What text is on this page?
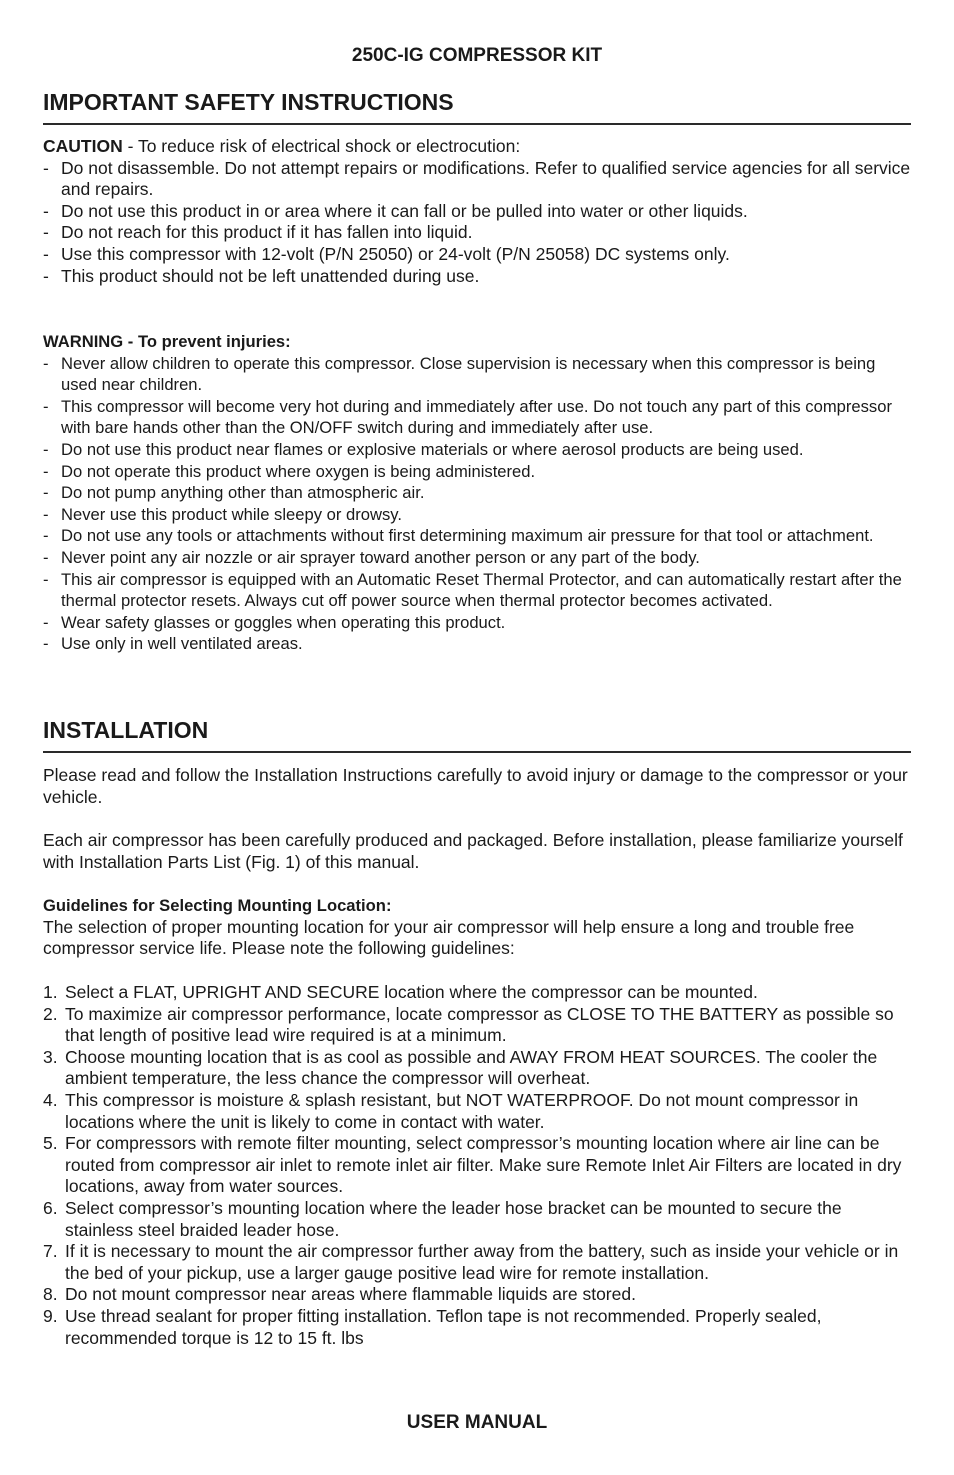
250C-IG COMPRESSOR KIT
IMPORTANT SAFETY INSTRUCTIONS

CAUTION - To reduce risk of electrical shock or electrocution:

- Do not disassemble. Do not attempt repairs or modifications. Refer to qualified service agencies for all service and repairs.
- Do not use this product in or area where it can fall or be pulled into water or other liquids.
- Do not reach for this product if it has fallen into liquid.
- Use this compressor with 12-volt (P/N 25050) or 24-volt (P/N 25058) DC systems only.
- This product should not be left unattended during use.

WARNING - To prevent injuries:

- Never allow children to operate this compressor. Close supervision is necessary when this compressor is being used near children.
- This compressor will become very hot during and immediately after use. Do not touch any part of this compressor with bare hands other than the ON/OFF switch during and immediately after use.
- Do not use this product near flames or explosive materials or where aerosol products are being used.
- Do not operate this product where oxygen is being administered.
- Do not pump anything other than atmospheric air.
- Never use this product while sleepy or drowsy.
- Do not use any tools or attachments without first determining maximum air pressure for that tool or attachment.
- Never point any air nozzle or air sprayer toward another person or any part of the body.
- This air compressor is equipped with an Automatic Reset Thermal Protector, and can automatically restart after the thermal protector resets. Always cut off power source when thermal protector becomes activated.
- Wear safety glasses or goggles when operating this product.
- Use only in well ventilated areas.
INSTALLATION

Please read and follow the Installation Instructions carefully to avoid injury or damage to the compressor or your vehicle.

Each air compressor has been carefully produced and packaged. Before installation, please familiarize yourself with Installation Parts List (Fig. 1) of this manual.

Guidelines for Selecting Mounting Location:

The selection of proper mounting location for your air compressor will help ensure a long and trouble free compressor service life. Please note the following guidelines:

1. Select a FLAT, UPRIGHT AND SECURE location where the compressor can be mounted.
2. To maximize air compressor performance, locate compressor as CLOSE TO THE BATTERY as possible so that length of positive lead wire required is at a minimum.
3. Choose mounting location that is as cool as possible and AWAY FROM HEAT SOURCES. The cooler the ambient temperature, the less chance the compressor will overheat.
4. This compressor is moisture & splash resistant, but NOT WATERPROOF. Do not mount compressor in locations where the unit is likely to come in contact with water.
5. For compressors with remote filter mounting, select compressor’s mounting location where air line can be routed from compressor air inlet to remote inlet air filter. Make sure Remote Inlet Air Filters are located in dry locations, away from water sources.
6. Select compressor’s mounting location where the leader hose bracket can be mounted to secure the stainless steel braided leader hose.
7. If it is necessary to mount the air compressor further away from the battery, such as inside your vehicle or in the bed of your pickup, use a larger gauge positive lead wire for remote installation.
8. Do not mount compressor near areas where flammable liquids are stored.
9. Use thread sealant for proper fitting installation. Teflon tape is not recommended. Properly sealed, recommended torque is 12 to 15 ft. lbs
USER MANUAL
